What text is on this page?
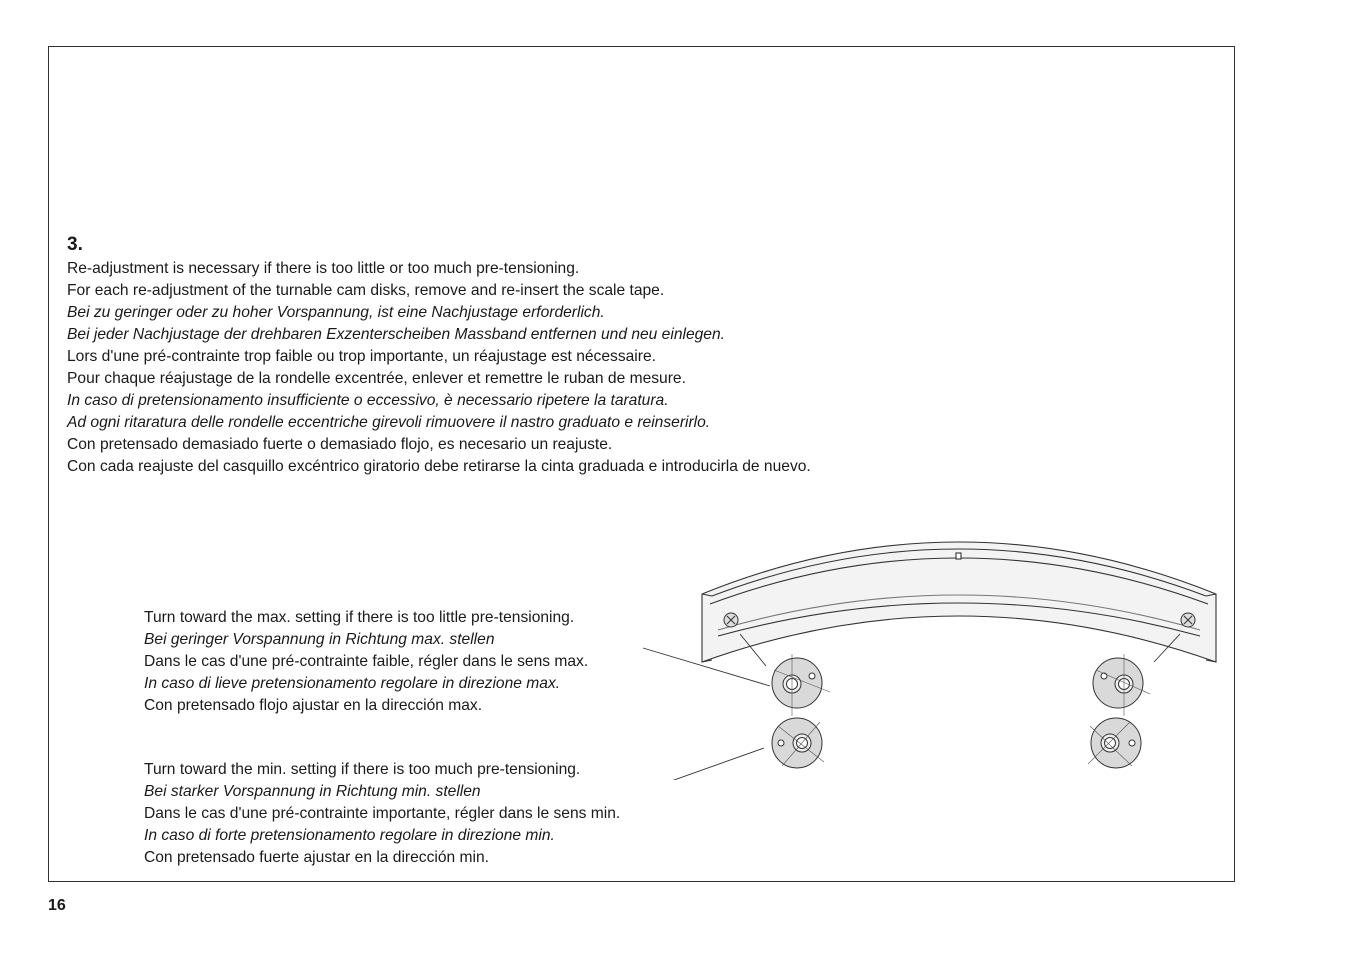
3.
Re-adjustment is necessary if there is too little or too much pre-tensioning.
For each re-adjustment of the turnable cam disks, remove and re-insert the scale tape.
Bei zu geringer oder zu hoher Vorspannung, ist eine Nachjustage erforderlich.
Bei jeder Nachjustage der drehbaren Exzenterscheiben Massband entfernen und neu einlegen.
Lors d'une pré-contrainte trop faible ou trop importante, un réajustage est nécessaire.
Pour chaque réajustage de la rondelle excentrée, enlever et remettre le ruban de mesure.
In caso di pretensionamento insufficiente o eccessivo, è necessario ripetere la taratura.
Ad ogni ritaratura delle rondelle eccentriche girevoli rimuovere il nastro graduato e reinserirlo.
Con pretensado demasiado fuerte o demasiado flojo, es necesario un reajuste.
Con cada reajuste del casquillo excéntrico giratorio debe retirarse la cinta graduada e introducirla de nuevo.
Turn toward the max. setting if there is too little pre-tensioning.
Bei geringer Vorspannung in Richtung max. stellen
Dans le cas d'une pré-contrainte faible, régler dans le sens max.
In caso di lieve pretensionamento regolare in direzione max.
Con pretensado flojo ajustar en la dirección max.
Turn toward the min. setting if there is too much pre-tensioning.
Bei starker Vorspannung in Richtung min. stellen
Dans le cas d'une pré-contrainte importante, régler dans le sens min.
In caso di forte pretensionamento regolare in direzione min.
Con pretensado fuerte ajustar en la dirección min.

16
